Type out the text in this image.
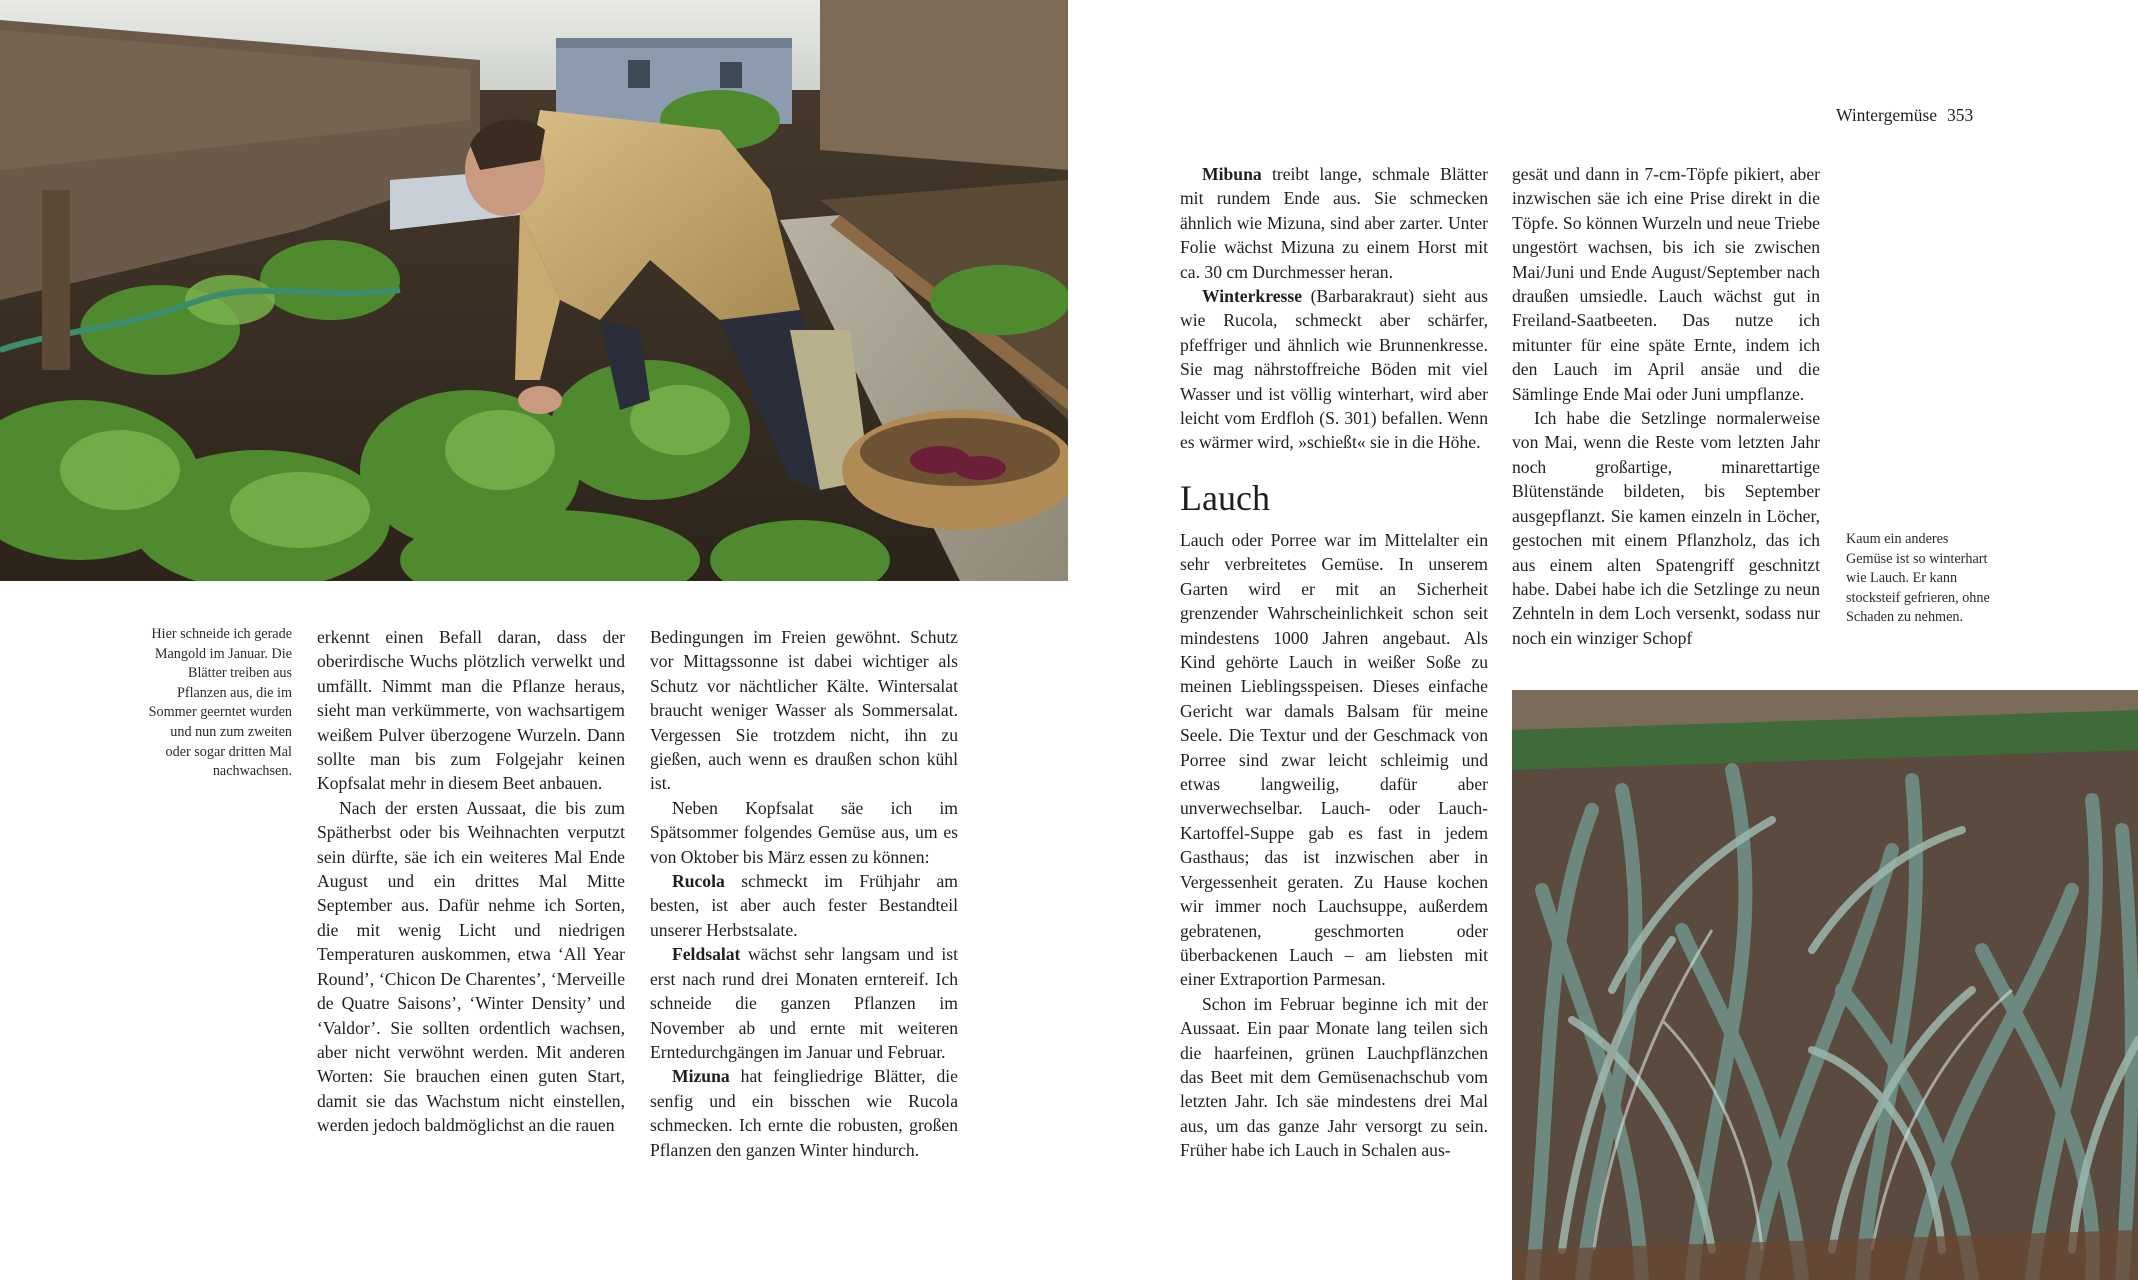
Wintergemüse 353
Hier schneide ich gerade Mangold im Januar. Die Blätter treiben aus Pflanzen aus, die im Sommer geerntet wurden und nun zum zweiten oder sogar dritten Mal nachwachsen.

erkennt einen Befall daran, dass der oberirdische Wuchs plötzlich verwelkt und umfällt. Nimmt man die Pflanze heraus, sieht man verkümmerte, von wachsartigem weißem Pulver überzogene Wurzeln. Dann sollte man bis zum Folgejahr keinen Kopfsalat mehr in diesem Beet anbauen.

Nach der ersten Aussaat, die bis zum Spätherbst oder bis Weihnachten verputzt sein dürfte, säe ich ein weiteres Mal Ende August und ein drittes Mal Mitte September aus. Dafür nehme ich Sorten, die mit wenig Licht und niedrigen Temperaturen auskommen, etwa ‘All Year Round’, ‘Chicon De Charentes’, ‘Merveille de Quatre Saisons’, ‘Winter Density’ und ‘Valdor’. Sie sollten ordentlich wachsen, aber nicht verwöhnt werden. Mit anderen Worten: Sie brauchen einen guten Start, damit sie das Wachstum nicht einstellen, werden jedoch baldmöglichst an die rauen

Bedingungen im Freien gewöhnt. Schutz vor Mittagssonne ist dabei wichtiger als Schutz vor nächtlicher Kälte. Wintersalat braucht weniger Wasser als Sommersalat. Vergessen Sie trotzdem nicht, ihn zu gießen, auch wenn es draußen schon kühl ist.

Neben Kopfsalat säe ich im Spätsommer folgendes Gemüse aus, um es von Oktober bis März essen zu können:

Rucola schmeckt im Frühjahr am besten, ist aber auch fester Bestandteil unserer Herbstsalate.

Feldsalat wächst sehr langsam und ist erst nach rund drei Monaten erntereif. Ich schneide die ganzen Pflanzen im November ab und ernte mit weiteren Erntedurchgängen im Januar und Februar.

Mizuna hat feingliedrige Blätter, die senfig und ein bisschen wie Rucola schmecken. Ich ernte die robusten, großen Pflanzen den ganzen Winter hindurch.

Mibuna treibt lange, schmale Blätter mit rundem Ende aus. Sie schmecken ähnlich wie Mizuna, sind aber zarter. Unter Folie wächst Mizuna zu einem Horst mit ca. 30 cm Durchmesser heran.

Winterkresse (Barbarakraut) sieht aus wie Rucola, schmeckt aber schärfer, pfeffriger und ähnlich wie Brunnenkresse. Sie mag nährstoffreiche Böden mit viel Wasser und ist völlig winterhart, wird aber leicht vom Erdfloh (S. 301) befallen. Wenn es wärmer wird, »schießt« sie in die Höhe.

Lauch

Lauch oder Porree war im Mittelalter ein sehr verbreitetes Gemüse. In unserem Garten wird er mit an Sicherheit grenzender Wahrscheinlichkeit schon seit mindestens 1000 Jahren angebaut. Als Kind gehörte Lauch in weißer Soße zu meinen Lieblingsspeisen. Dieses einfache Gericht war damals Balsam für meine Seele. Die Textur und der Geschmack von Porree sind zwar leicht schleimig und etwas langweilig, dafür aber unverwechselbar. Lauch- oder Lauch-Kartoffel-Suppe gab es fast in jedem Gasthaus; das ist inzwischen aber in Vergessenheit geraten. Zu Hause kochen wir immer noch Lauchsuppe, außerdem gebratenen, geschmorten oder überbackenen Lauch – am liebsten mit einer Extraportion Parmesan.

Schon im Februar beginne ich mit der Aussaat. Ein paar Monate lang teilen sich die haarfeinen, grünen Lauchpflänzchen das Beet mit dem Gemüsenachschub vom letzten Jahr. Ich säe mindestens drei Mal aus, um das ganze Jahr versorgt zu sein. Früher habe ich Lauch in Schalen aus-

gesät und dann in 7-cm-Töpfe pikiert, aber inzwischen säe ich eine Prise direkt in die Töpfe. So können Wurzeln und neue Triebe ungestört wachsen, bis ich sie zwischen Mai/Juni und Ende August/September nach draußen umsiedle. Lauch wächst gut in Freiland-Saatbeeten. Das nutze ich mitunter für eine späte Ernte, indem ich den Lauch im April ansäe und die Sämlinge Ende Mai oder Juni umpflanze.

Ich habe die Setzlinge normalerweise von Mai, wenn die Reste vom letzten Jahr noch großartige, minarettartige Blütenstände bildeten, bis September ausgepflanzt. Sie kamen einzeln in Löcher, gestochen mit einem Pflanzholz, das ich aus einem alten Spatengriff geschnitzt habe. Dabei habe ich die Setzlinge zu neun Zehnteln in dem Loch versenkt, sodass nur noch ein winziger Schopf

Kaum ein anderes Gemüse ist so winterhart wie Lauch. Er kann stocksteif gefrieren, ohne Schaden zu nehmen.
